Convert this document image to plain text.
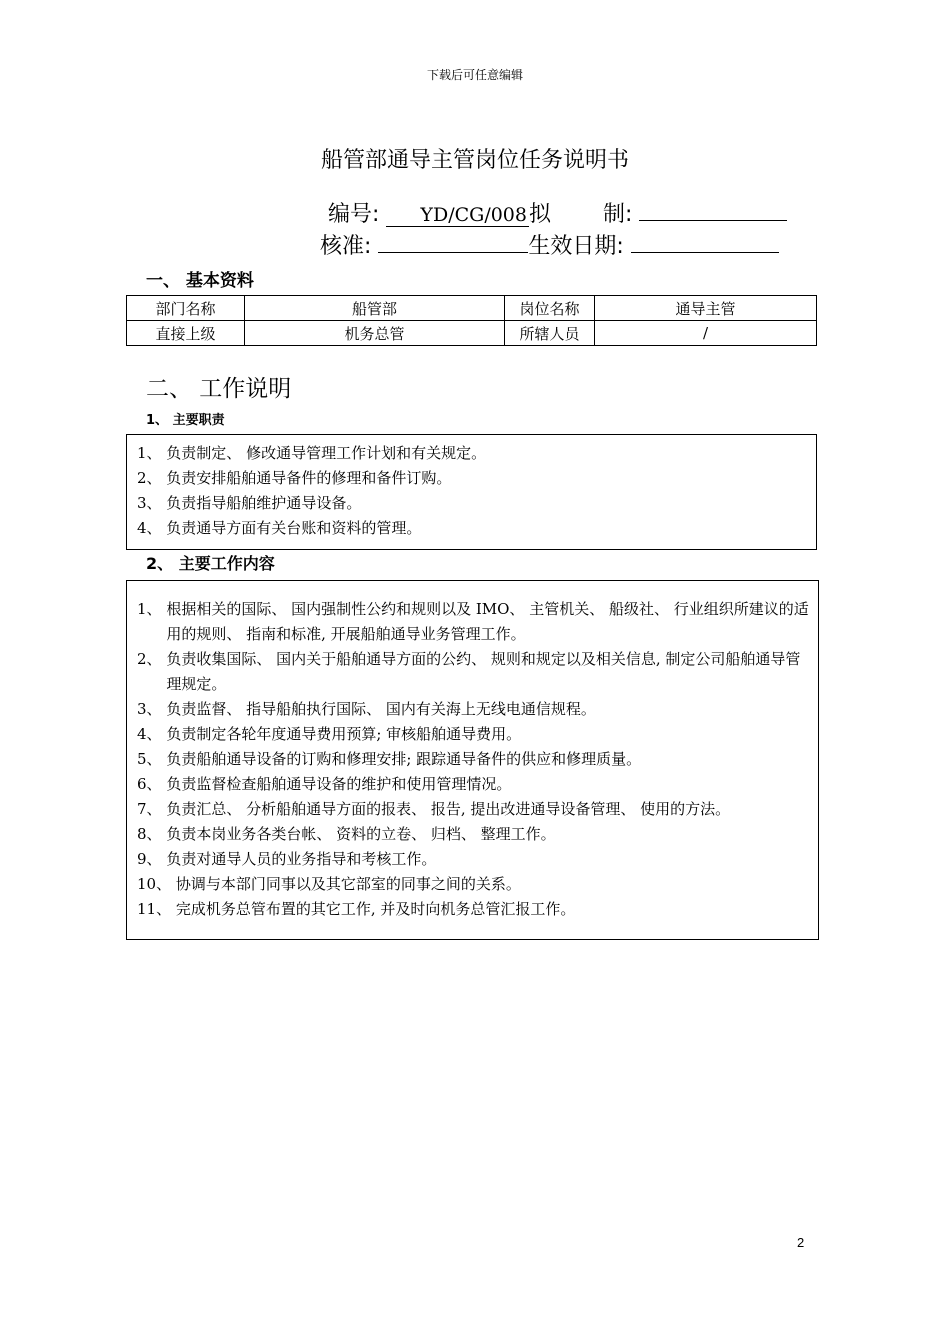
下载后可任意编辑
船管部通导主管岗位任务说明书
编号: YD/CG/008拟 制:
核准:	生效日期:
一、 基本资料
部门名称	船管部	岗位名称	通导主管
直接上级	机务总管	所辖人员	/
二、 工作说明
1、 主要职责
1、 负责制定、 修改通导管理工作计划和有关规定。
2、 负责安排船舶通导备件的修理和备件订购。
3、 负责指导船舶维护通导设备。
4、 负责通导方面有关台账和资料的管理。
2、 主要工作内容
1、 根据相关的国际、 国内强制性公约和规则以及 IMO、 主管机关、 船级社、 行业组织所建议的适用的规则、 指南和标准, 开展船舶通导业务管理工作。
2、 负责收集国际、 国内关于船舶通导方面的公约、 规则和规定以及相关信息, 制定公司船舶通导管理规定。
3、 负责监督、 指导船舶执行国际、 国内有关海上无线电通信规程。
4、 负责制定各轮年度通导费用预算; 审核船舶通导费用。
5、 负责船舶通导设备的订购和修理安排; 跟踪通导备件的供应和修理质量。
6、 负责监督检查船舶通导设备的维护和使用管理情况。
7、 负责汇总、 分析船舶通导方面的报表、 报告, 提出改进通导设备管理、 使用的方法。
8、 负责本岗业务各类台帐、 资料的立卷、 归档、 整理工作。
9、 负责对通导人员的业务指导和考核工作。
10、 协调与本部门同事以及其它部室的同事之间的关系。
11、 完成机务总管布置的其它工作, 并及时向机务总管汇报工作。
2
